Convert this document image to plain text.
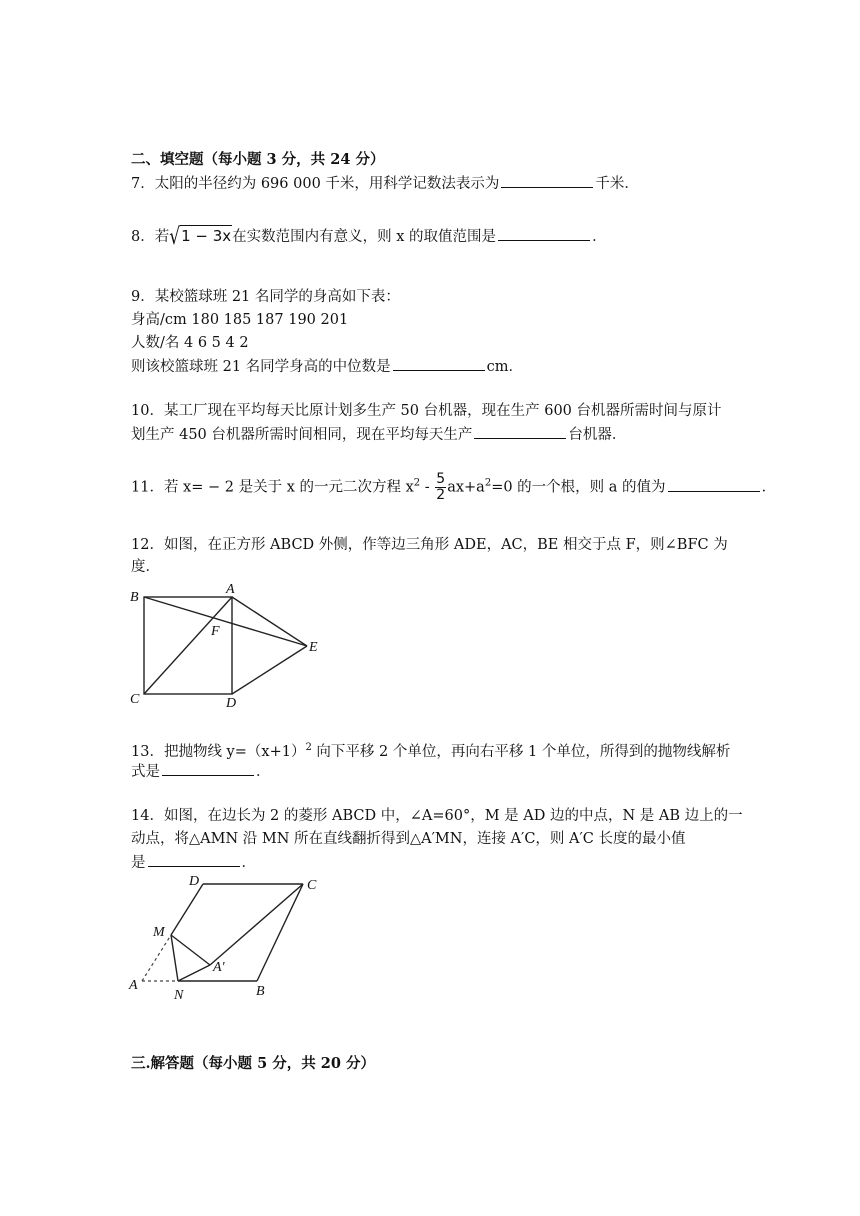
二、填空题（每小题 3 分，共 24 分）
7．太阳的半径约为 696 000 千米，用科学记数法表示为	千米．
8．若√1 − 3x在实数范围内有意义，则 x 的取值范围是	．
9．某校篮球班 21 名同学的身高如下表：
身高/cm 180 185 187 190 201
人数/名 4 6 5 4 2
则该校篮球班 21 名同学身高的中位数是	cm．
10．某工厂现在平均每天比原计划多生产 50 台机器，现在生产 600 台机器所需时间与原计
划生产 450 台机器所需时间相同，现在平均每天生产	台机器．
11．若 x= − 2 是关于 x 的一元二次方程 $x^2 - \frac{5}{2} ax+a^2=0$ 的一个根，则 a 的值为	．
12．如图，在正方形 ABCD 外侧，作等边三角形 ADE，AC，BE 相交于点 F，则∠BFC 为
度．
A
B
C	D
E
F
13．把抛物线 $y=(x+1)^2$ 向下平移 2 个单位，再向右平移 1 个单位，所得到的抛物线解析
式是	．
14．如图，在边长为 2 的菱形 ABCD 中，∠A=60°，M 是 AD 边的中点，N 是 AB 边上的一
动点，将△AMN 沿 MN 所在直线翻折得到△A′MN，连接 A′C，则 A′C 长度的最小值
是	．
D	C
M
A′
A
N	B
三.解答题（每小题 5 分，共 20 分）
